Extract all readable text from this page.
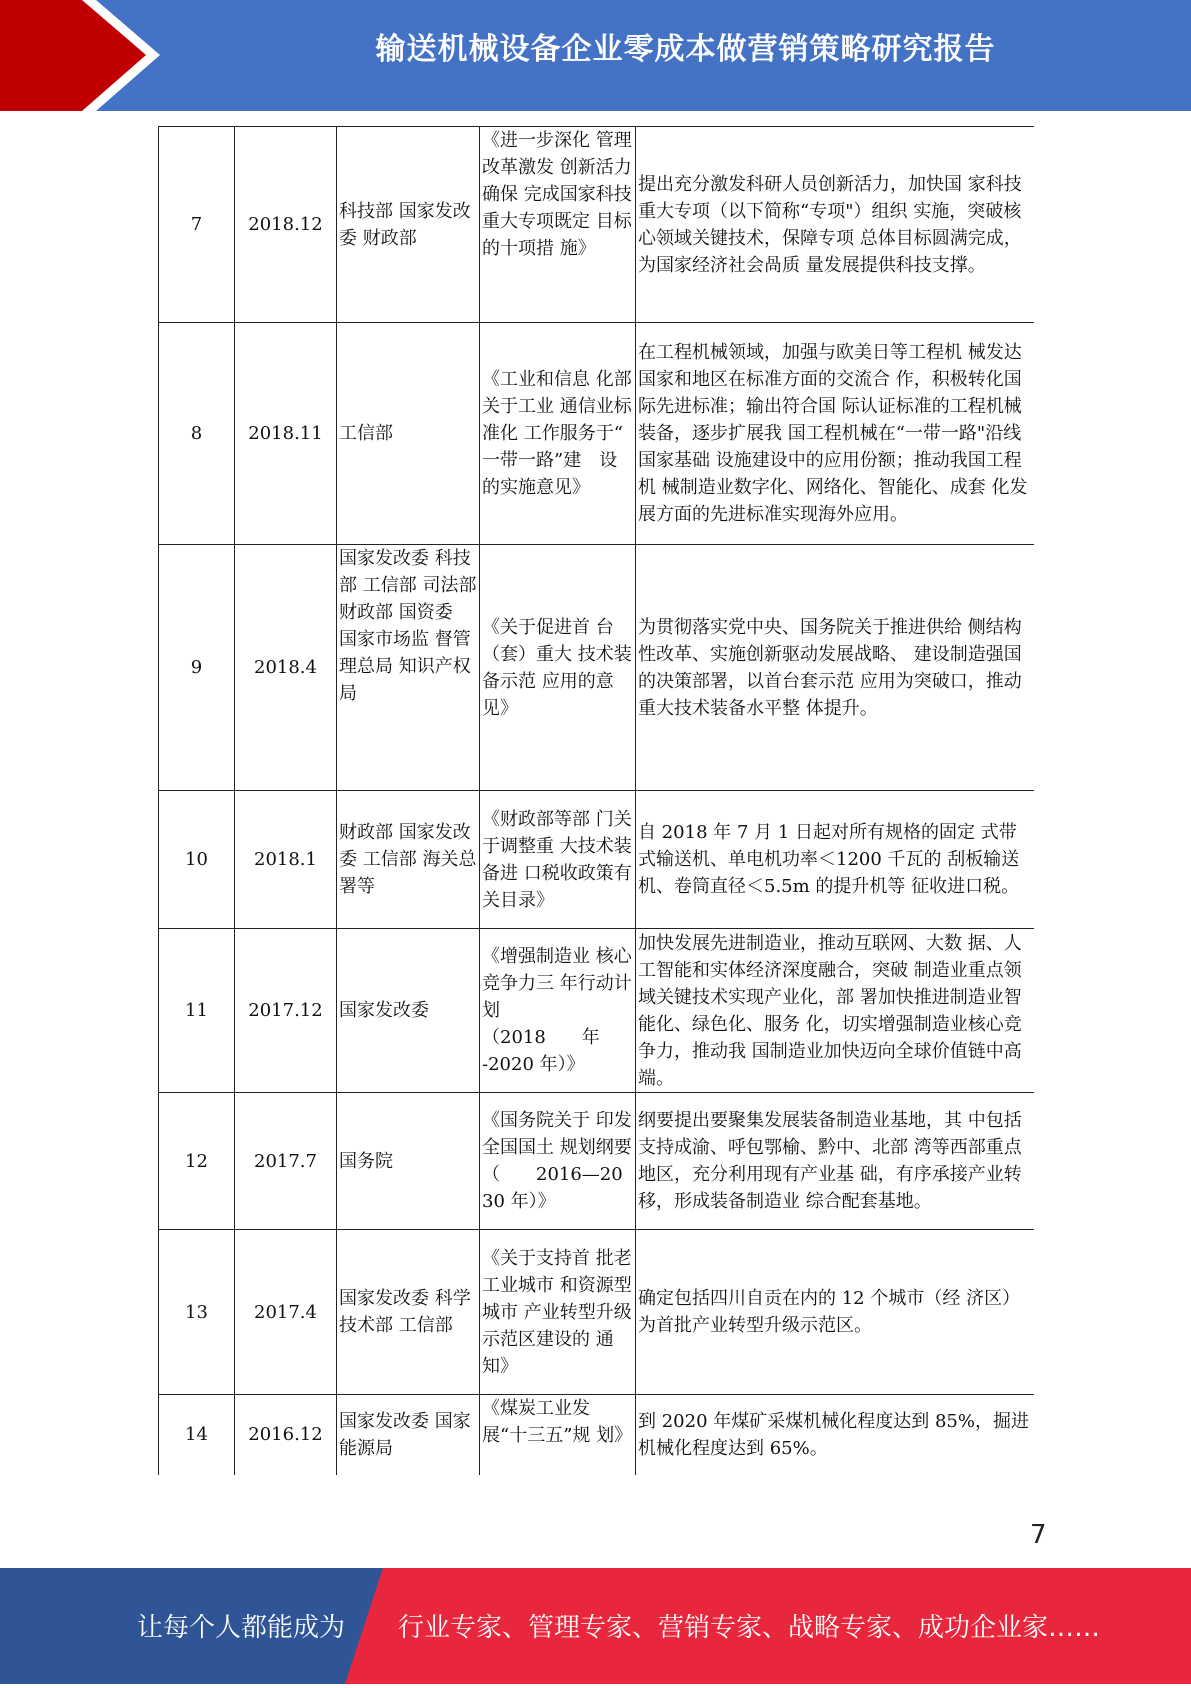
输送机械设备企业零成本做营销策略研究报告
7	2018.12	科技部 国家发改委 财政部	《进一步深化 管理改革激发 创新活力确保 完成国家科技 重大专项既定 目标的十项措 施》	提出充分激发科研人员创新活力，加快国 家科技重大专项（以下简称“专项"）组织 实施，突破核心领域关键技术，保障专项 总体目标圆满完成，为国家经济社会咼质 量发展提供科技支撑。
8	2018.11	工信部	《工业和信息 化部关于工业 通信业标准化 工作服务于“ 一带一路”建　设的实施意见》	在工程机械领域，加强与欧美日等工程机 械发达国家和地区在标准方面的交流合 作，积极转化国际先进标准；输出符合国 际认证标准的工程机械装备，逐步扩展我 国工程机械在“一带一路"沿线国家基础 设施建设中的应用份额；推动我国工程机 械制造业数字化、网络化、智能化、成套 化发展方面的先进标准实现海外应用。
9	2018.4	国家发改委 科技部 工信部 司法部 财政部 国资委
国家市场监 督管理总局 知识产权局	《关于促进首 台（套）重大 技术装备示范 应用的意见》	为贯彻落实党中央、国务院关于推进供给 侧结构性改革、实施创新驱动发展战略、 建设制造强国的决策部署，以首台套示范 应用为突破口，推动重大技术装备水平整 体提升。
10	2018.1	财政部 国家发改委 工信部 海关总署等	《财政部等部 门关于调整重 大技术装备进 口税收政策有 关目录》	自 2018 年 7 月 1 日起对所有规格的固定 式带式输送机、单电机功率＜1200 千瓦的 刮板输送机、卷筒直径＜5.5m 的提升机等 征收进口税。
11	2017.12	国家发改委	《增强制造业 核心竞争力三 年行动计划
（2018　　年
-2020 年）》	加快发展先进制造业，推动互联网、大数 据、人工智能和实体经济深度融合，突破 制造业重点领域关键技术实现产业化，部 署加快推进制造业智能化、绿色化、服务 化，切实增强制造业核心竞争力，推动我 国制造业加快迈向全球价值链中高端。
12	2017.7	国务院	《国务院关于 印发全国国土 规划纲要
（　　2016—2030 年）》	纲要提出要聚集发展装备制造业基地，其 中包括支持成渝、呼包鄂榆、黔中、北部 湾等西部重点地区，充分利用现有产业基 础，有序承接产业转移，形成装备制造业 综合配套基地。
13	2017.4	国家发改委 科学技术部 工信部	《关于支持首 批老工业城市 和资源型城市 产业转型升级 示范区建设的 通知》	确定包括四川自贡在内的 12 个城市（经 济区）为首批产业转型升级示范区。
14	2016.12	国家发改委 国家能源局	《煤炭工业发 展“十三五”规 划》	到 2020 年煤矿采煤机械化程度达到 85%，掘进机械化程度达到 65%。
7
让每个人都能成为 行业专家、管理专家、营销专家、战略专家、成功企业家……
